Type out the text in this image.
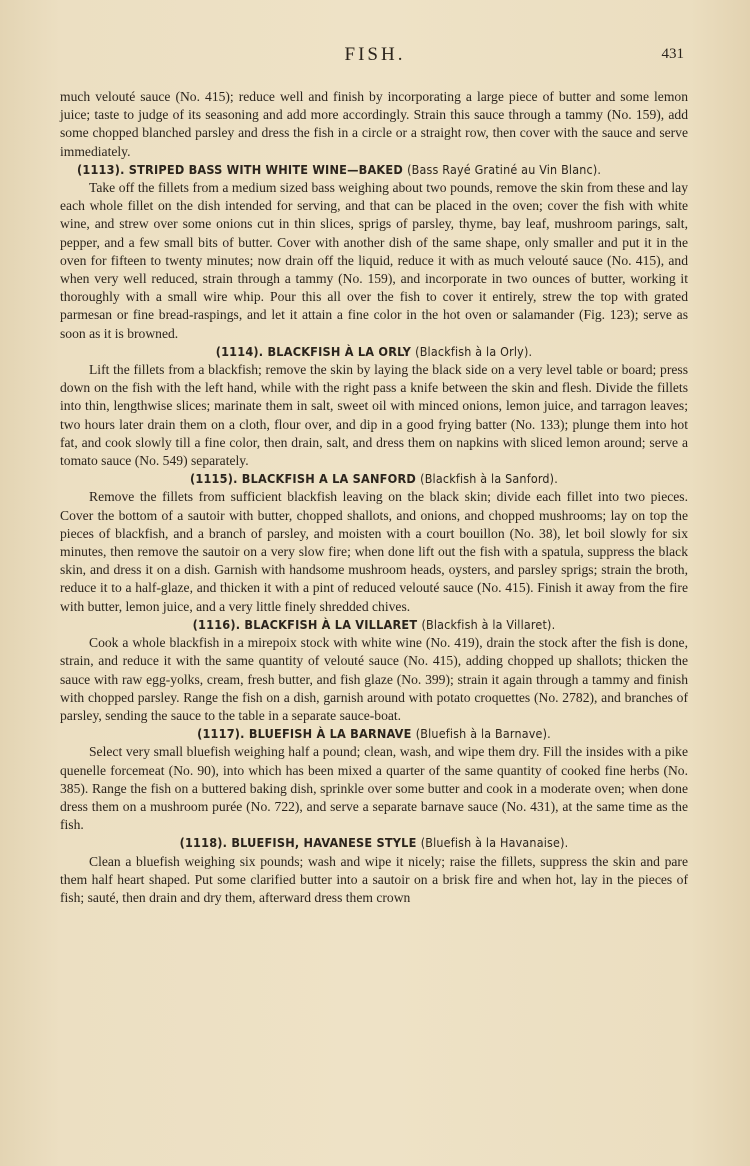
FISH.	431

much velouté sauce (No. 415); reduce well and finish by incorporating a large piece of butter and some lemon juice; taste to judge of its seasoning and add more accordingly. Strain this sauce through a tammy (No. 159), add some chopped blanched parsley and dress the fish in a circle or a straight row, then cover with the sauce and serve immediately.

(1113). STRIPED BASS WITH WHITE WINE—BAKED (Bass Rayé Gratiné au Vin Blanc).

Take off the fillets from a medium sized bass weighing about two pounds, remove the skin from these and lay each whole fillet on the dish intended for serving, and that can be placed in the oven; cover the fish with white wine, and strew over some onions cut in thin slices, sprigs of parsley, thyme, bay leaf, mushroom parings, salt, pepper, and a few small bits of butter. Cover with another dish of the same shape, only smaller and put it in the oven for fifteen to twenty minutes; now drain off the liquid, reduce it with as much velouté sauce (No. 415), and when very well reduced, strain through a tammy (No. 159), and incorporate in two ounces of butter, working it thoroughly with a small wire whip. Pour this all over the fish to cover it entirely, strew the top with grated parmesan or fine bread-raspings, and let it attain a fine color in the hot oven or salamander (Fig. 123); serve as soon as it is browned.

(1114). BLACKFISH À LA ORLY (Blackfish à la Orly).

Lift the fillets from a blackfish; remove the skin by laying the black side on a very level table or board; press down on the fish with the left hand, while with the right pass a knife between the skin and flesh. Divide the fillets into thin, lengthwise slices; marinate them in salt, sweet oil with minced onions, lemon juice, and tarragon leaves; two hours later drain them on a cloth, flour over, and dip in a good frying batter (No. 133); plunge them into hot fat, and cook slowly till a fine color, then drain, salt, and dress them on napkins with sliced lemon around; serve a tomato sauce (No. 549) separately.

(1115). BLACKFISH A LA SANFORD (Blackfish à la Sanford).

Remove the fillets from sufficient blackfish leaving on the black skin; divide each fillet into two pieces. Cover the bottom of a sautoir with butter, chopped shallots, and onions, and chopped mushrooms; lay on top the pieces of blackfish, and a branch of parsley, and moisten with a court bouillon (No. 38), let boil slowly for six minutes, then remove the sautoir on a very slow fire; when done lift out the fish with a spatula, suppress the black skin, and dress it on a dish. Garnish with handsome mushroom heads, oysters, and parsley sprigs; strain the broth, reduce it to a half-glaze, and thicken it with a pint of reduced velouté sauce (No. 415). Finish it away from the fire with butter, lemon juice, and a very little finely shredded chives.

(1116). BLACKFISH À LA VILLARET (Blackfish à la Villaret).

Cook a whole blackfish in a mirepoix stock with white wine (No. 419), drain the stock after the fish is done, strain, and reduce it with the same quantity of velouté sauce (No. 415), adding chopped up shallots; thicken the sauce with raw egg-yolks, cream, fresh butter, and fish glaze (No. 399); strain it again through a tammy and finish with chopped parsley. Range the fish on a dish, garnish around with potato croquettes (No. 2782), and branches of parsley, sending the sauce to the table in a separate sauce-boat.

(1117). BLUEFISH À LA BARNAVE (Bluefish à la Barnave).

Select very small bluefish weighing half a pound; clean, wash, and wipe them dry. Fill the insides with a pike quenelle forcemeat (No. 90), into which has been mixed a quarter of the same quantity of cooked fine herbs (No. 385). Range the fish on a buttered baking dish, sprinkle over some butter and cook in a moderate oven; when done dress them on a mushroom purée (No. 722), and serve a separate barnave sauce (No. 431), at the same time as the fish.

(1118). BLUEFISH, HAVANESE STYLE (Bluefish à la Havanaise).

Clean a bluefish weighing six pounds; wash and wipe it nicely; raise the fillets, suppress the skin and pare them half heart shaped. Put some clarified butter into a sautoir on a brisk fire and when hot, lay in the pieces of fish; sauté, then drain and dry them, afterward dress them crown
